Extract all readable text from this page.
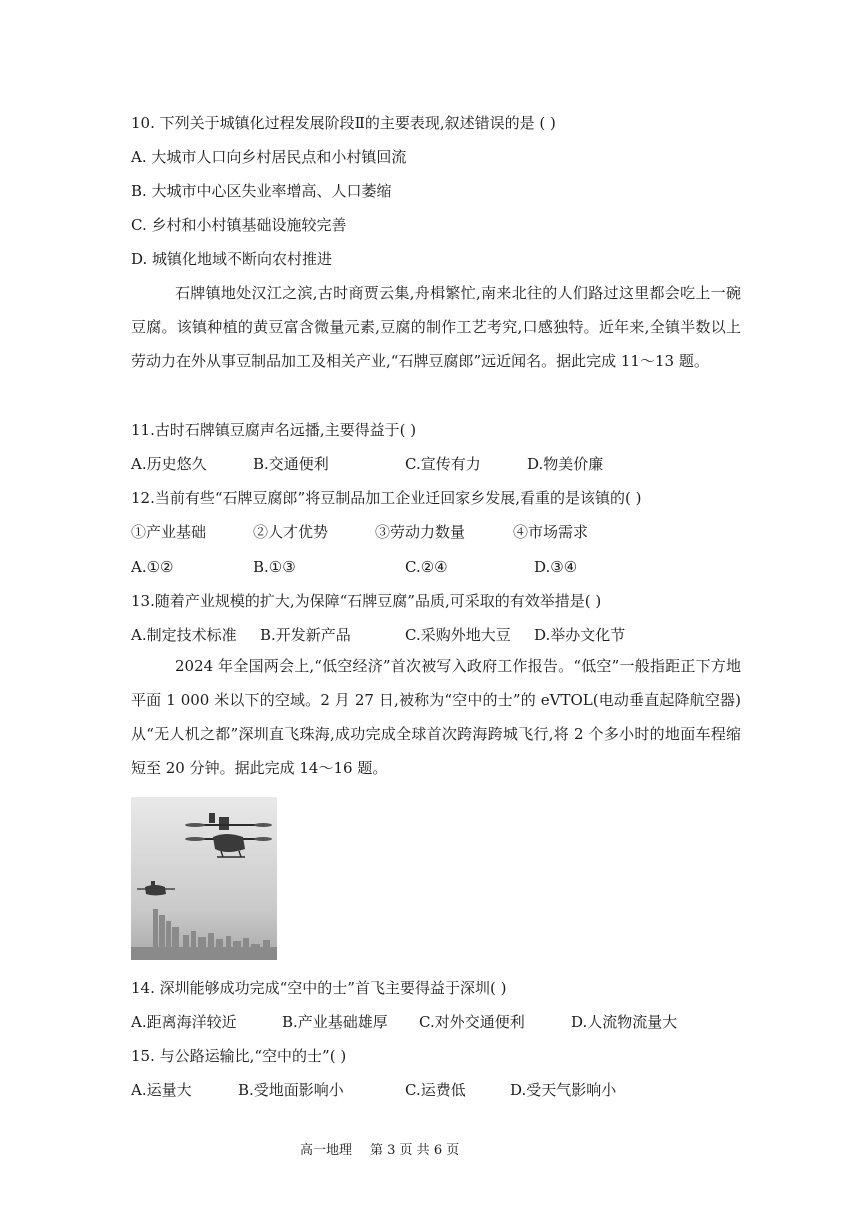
10. 下列关于城镇化过程发展阶段Ⅱ的主要表现,叙述错误的是 ( )
A. 大城市人口向乡村居民点和小村镇回流
B. 大城市中心区失业率增高、人口萎缩
C. 乡村和小村镇基础设施较完善
D. 城镇化地域不断向农村推进
石牌镇地处汉江之滨,古时商贾云集,舟楫繁忙,南来北往的人们路过这里都会吃上一碗豆腐。该镇种植的黄豆富含微量元素,豆腐的制作工艺考究,口感独特。近年来,全镇半数以上劳动力在外从事豆制品加工及相关产业,“石牌豆腐郎”远近闻名。据此完成 11～13 题。
11.古时石牌镇豆腐声名远播,主要得益于( )
A.历史悠久	B.交通便利	C.宣传有力	D.物美价廉
12.当前有些“石牌豆腐郎”将豆制品加工企业迁回家乡发展,看重的是该镇的( )
①产业基础	②人才优势	③劳动力数量	④市场需求
A.①②	B.①③	C.②④	D.③④
13.随着产业规模的扩大,为保障“石牌豆腐”品质,可采取的有效举措是( )
A.制定技术标准 B.开发新产品	C.采购外地大豆 D.举办文化节
2024 年全国两会上,“低空经济”首次被写入政府工作报告。“低空”一般指距正下方地平面 1 000 米以下的空域。2 月 27 日,被称为“空中的士”的 eVTOL(电动垂直起降航空器)从“无人机之都”深圳直飞珠海,成功完成全球首次跨海跨城飞行,将 2 个多小时的地面车程缩短至 20 分钟。据此完成 14～16 题。
14. 深圳能够成功完成“空中的士”首飞主要得益于深圳( )
A.距离海洋较近	B.产业基础雄厚 C.对外交通便利	D.人流物流量大
15. 与公路运输比,“空中的士”( )
A.运量大	B.受地面影响小	C.运费低	D.受天气影响小
高一地理 第 3 页 共 6 页
